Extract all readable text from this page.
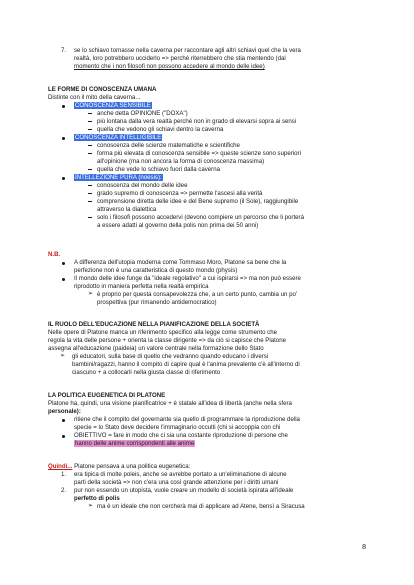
7. se lo schiavo tornasse nella caverna per raccontare agli altri schiavi quel che la vera
realtà, loro potrebbero ucciderlo => perché riterrebbero che stia mentendo (dal
momento che i non filosofi non possono accedere al mondo delle idee)
LE FORME DI CONOSCENZA UMANA
Distinte con il mito della caverna...
CONOSCENZA SENSIBILE
anche detta OPINIONE ("DOXA")
più lontana dalla vera realtà perché non in grado di elevarsi sopra ai sensi
quella che vedono gli schiavi dentro la caverna
CONOSCENZA INTELLIGIBILE
conoscenza delle scienze matematiche e scientifiche
forma più elevata di conoscenza sensibile => queste scienze sono superiori
all'opinione (ma non ancora la forma di conoscenza massima)
quella che vede lo schiavo fuori dalla caverna
INTELLEZIONE PURA (noesis):
conoscenza del mondo delle idee
grado supremo di conoscenza => permette l'ascesi alla verità
comprensione diretta delle idee e del Bene supremo (il Sole), raggiungibile
attraverso la dialettica
solo i filosofi possono accedervi (devono compiere un percorso che li porterà
a essere adatti al governo della polis non prima dei 50 anni)
N.B.
A differenza dell'utopia moderna come Tommaso Moro, Platone sa bene che la
perfezione non è una caratteristica di questo mondo (physis)
Il mondo delle idee funge da "ideale regolativo" a cui ispirarsi => ma non può essere
riprodotto in maniera perfetta nella realtà empirica
➢ è proprio per questa consapevolezza che, a un certo punto, cambia un po'
prospettiva (pur rimanendo antidemocratico)
IL RUOLO DELL'EDUCAZIONE NELLA PIANIFICAZIONE DELLA SOCIETÀ
Nelle opere di Platone manca un riferimento specifico alla legge come strumento che
regola la vita delle persone + orienta la classe dirigente => da ciò si capisce che Platone
assegna all'educazione (paideia) un valore centrale nella formazione dello Stato
➢ gli educatori, sulla base di quello che vedranno quando educano i diversi
bambini/ragazzi, hanno il compito di capire qual è l'anima prevalente c'è all'interno di
ciascuno + a collocarli nella giusta classe di riferimento
LA POLITICA EUGENETICA DI PLATONE
Platone ha, quindi, una visione pianificatrice + è statale all'idea di libertà (anche nella sfera
personale):
ritiene che il compito del governante sia quello di programmare la riproduzione della
specie = lo Stato deve decidere l'immaginario occulti (chi si accoppia con chi
OBIETTIVO = fare in modo che ci sia una costante riproduzione di persone che
hanno delle anime corrispondenti alle anime
Quindi... Platone pensava a una politica eugenetica:
1. era tipica di molte poleis, anche se avrebbe portato a un'eliminazione di alcune
parti della società => non c'era una così grande attenzione per i diritti umani
2. pur non essendo un utopista, vuole creare un modello di società ispirata all'ideale
perfetto di polis
➢ ma è un ideale che non cercherà mai di applicare ad Atene, bensì a Siracusa
8
